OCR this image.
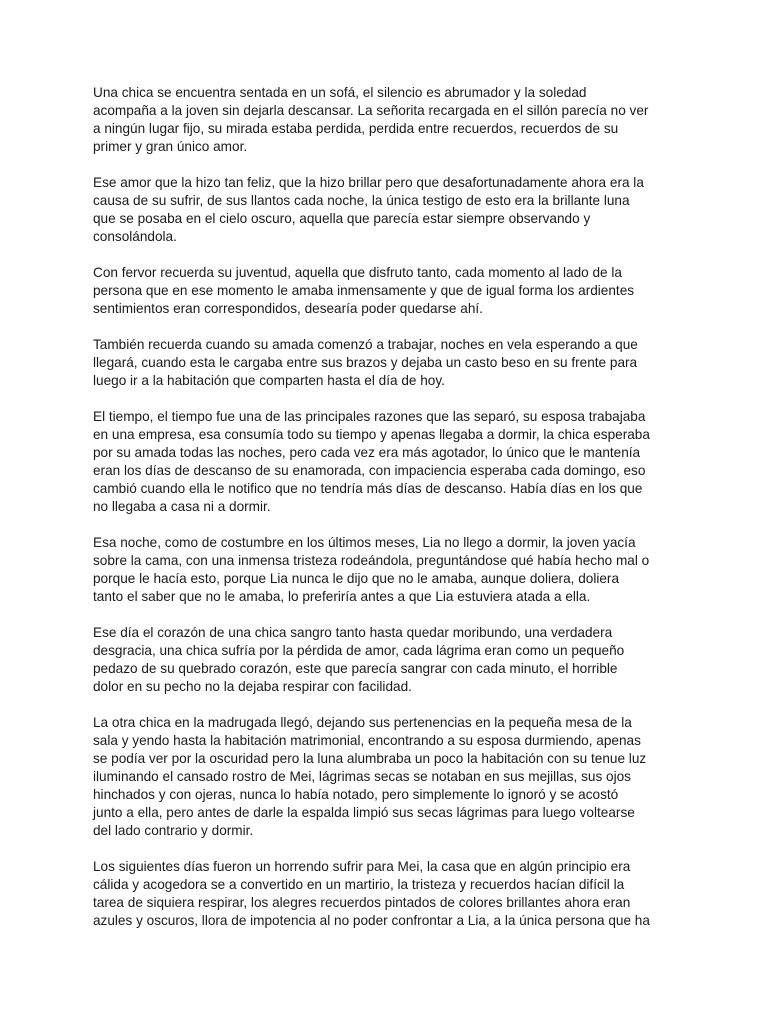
Una chica se encuentra sentada en un sofá, el silencio es abrumador y la soledad
acompaña a la joven sin dejarla descansar. La señorita recargada en el sillón parecía no ver
a ningún lugar fijo, su mirada estaba perdida, perdida entre recuerdos, recuerdos de su
primer y gran único amor.

Ese amor que la hizo tan feliz, que la hizo brillar pero que desafortunadamente ahora era la
causa de su sufrir, de sus llantos cada noche, la única testigo de esto era la brillante luna
que se posaba en el cielo oscuro, aquella que parecía estar siempre observando y
consolándola.

Con fervor recuerda su juventud, aquella que disfruto tanto, cada momento al lado de la
persona que en ese momento le amaba inmensamente y que de igual forma los ardientes
sentimientos eran correspondidos, desearía poder quedarse ahí.

También recuerda cuando su amada comenzó a trabajar, noches en vela esperando a que
llegará, cuando esta le cargaba entre sus brazos y dejaba un casto beso en su frente para
luego ir a la habitación que comparten hasta el día de hoy.

El tiempo, el tiempo fue una de las principales razones que las separó, su esposa trabajaba
en una empresa, esa consumía todo su tiempo y apenas llegaba a dormir, la chica esperaba
por su amada todas las noches, pero cada vez era más agotador, lo único que le mantenía
eran los días de descanso de su enamorada, con impaciencia esperaba cada domingo, eso
cambió cuando ella le notifico que no tendría más días de descanso. Había días en los que
no llegaba a casa ni a dormir.

Esa noche, como de costumbre en los últimos meses, Lia no llego a dormir, la joven yacía
sobre la cama, con una inmensa tristeza rodeándola, preguntándose qué había hecho mal o
porque le hacía esto, porque Lia nunca le dijo que no le amaba, aunque doliera, doliera
tanto el saber que no le amaba, lo preferiría antes a que Lia estuviera atada a ella.

Ese día el corazón de una chica sangro tanto hasta quedar moribundo, una verdadera
desgracia, una chica sufría por la pérdida de amor, cada lágrima eran como un pequeño
pedazo de su quebrado corazón, este que parecía sangrar con cada minuto, el horrible
dolor en su pecho no la dejaba respirar con facilidad.

La otra chica en la madrugada llegó, dejando sus pertenencias en la pequeña mesa de la
sala y yendo hasta la habitación matrimonial, encontrando a su esposa durmiendo, apenas
se podía ver por la oscuridad pero la luna alumbraba un poco la habitación con su tenue luz
iluminando el cansado rostro de Mei, lágrimas secas se notaban en sus mejillas, sus ojos
hinchados y con ojeras, nunca lo había notado, pero simplemente lo ignoró y se acostó
junto a ella, pero antes de darle la espalda limpió sus secas lágrimas para luego voltearse
del lado contrario y dormir.

Los siguientes días fueron un horrendo sufrir para Mei, la casa que en algún principio era
cálida y acogedora se a convertido en un martirio, la tristeza y recuerdos hacían difícil la
tarea de siquiera respirar, los alegres recuerdos pintados de colores brillantes ahora eran
azules y oscuros, llora de impotencia al no poder confrontar a Lia, a la única persona que ha
